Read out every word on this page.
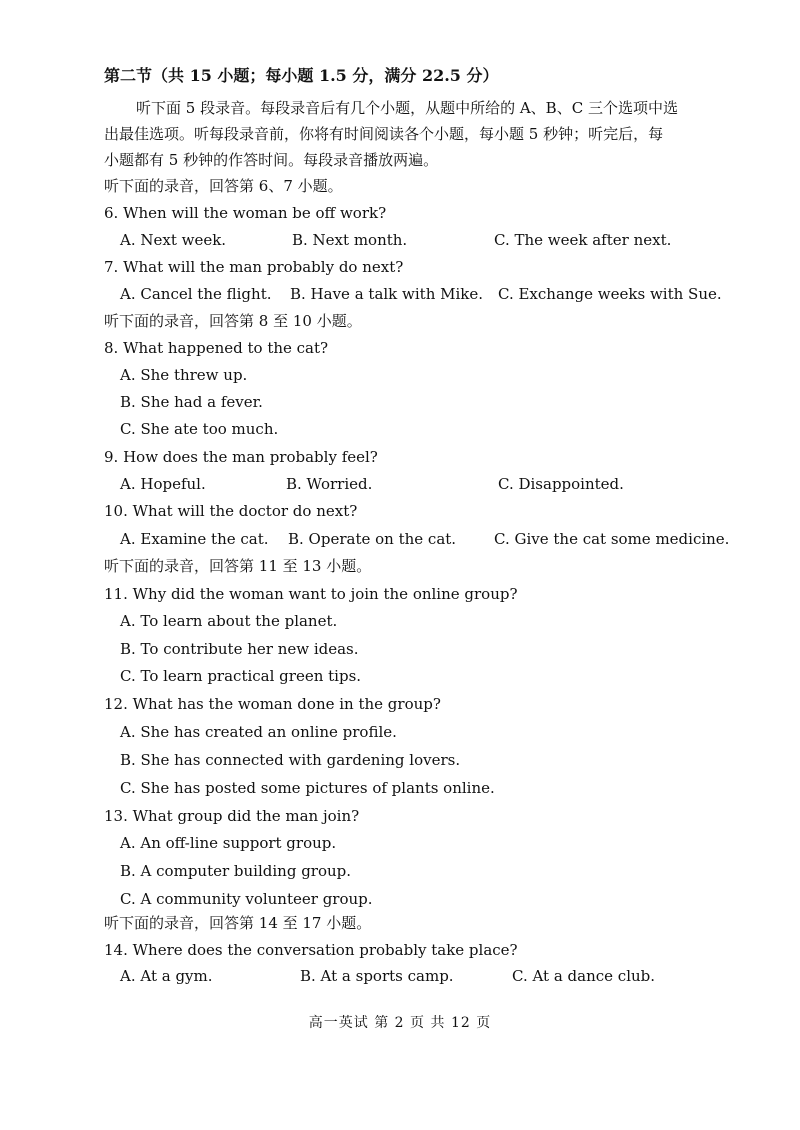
第二节（共 15 小题；每小题 1.5 分，满分 22.5 分）
听下面 5 段录音。每段录音后有几个小题，从题中所给的 A、B、C 三个选项中选
出最佳选项。听每段录音前，你将有时间阅读各个小题，每小题 5 秒钟；听完后，每
小题都有 5 秒钟的作答时间。每段录音播放两遍。
听下面的录音，回答第 6、7 小题。
6. When will the woman be off work?
A. Next week.	B. Next month.	C. The week after next.
7. What will the man probably do next?
A. Cancel the flight. B. Have a talk with Mike. C. Exchange weeks with Sue.
听下面的录音，回答第 8 至 10 小题。
8. What happened to the cat?
A. She threw up.
B. She had a fever.
C. She ate too much.
9. How does the man probably feel?
A. Hopeful.	B. Worried.	C. Disappointed.
10. What will the doctor do next?
A. Examine the cat. B. Operate on the cat.	C. Give the cat some medicine.
听下面的录音，回答第 11 至 13 小题。
11. Why did the woman want to join the online group?
A. To learn about the planet.
B. To contribute her new ideas.
C. To learn practical green tips.
12. What has the woman done in the group?
A. She has created an online profile.
B. She has connected with gardening lovers.
C. She has posted some pictures of plants online.
13. What group did the man join?
A. An off-line support group.
B. A computer building group.
C. A community volunteer group.
听下面的录音，回答第 14 至 17 小题。
14. Where does the conversation probably take place?
A. At a gym.	B. At a sports camp.	C. At a dance club.
高一英试 第 2 页 共 12 页
